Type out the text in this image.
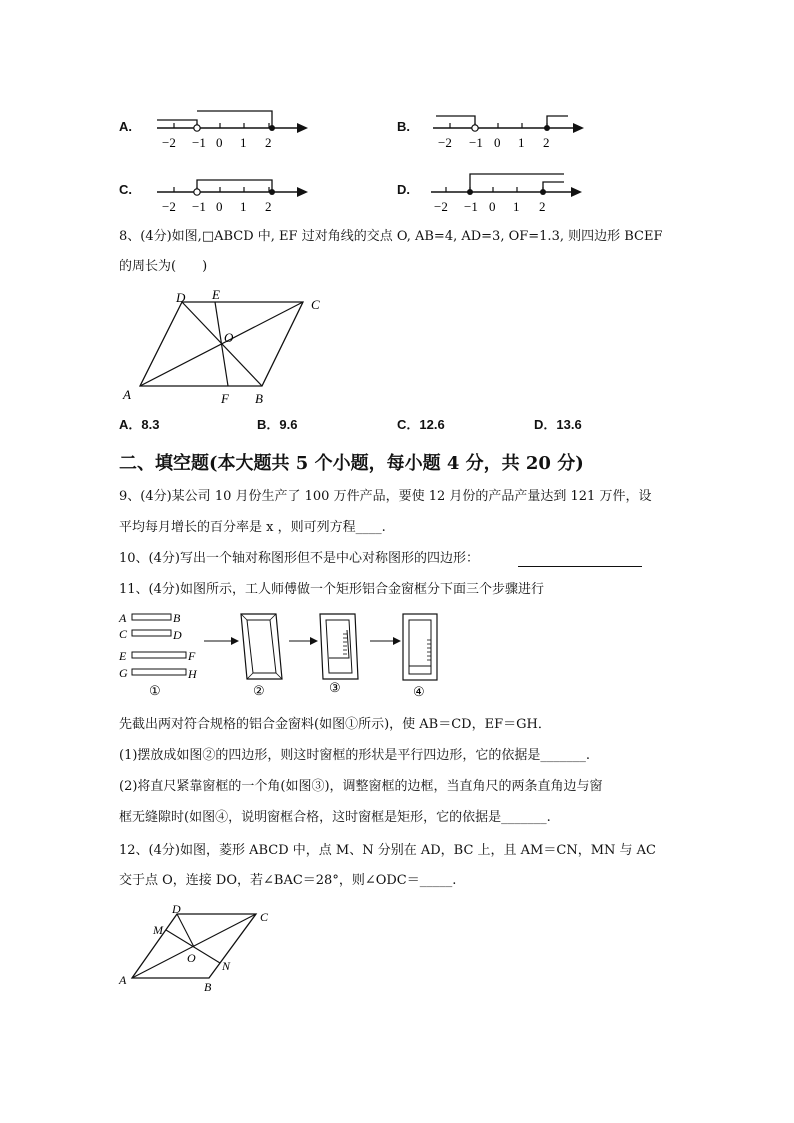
A.
−2 −1 0 1 2
B.
−2 −1 0 1 2
C.
−2 −1 0 1 2
D.
−2 −1 0 1 2
8、(4分)如图,□ABCD 中, EF 过对角线的交点 O, AB=4, AD=3, OF=1.3, 则四边形 BCEF
的周长为(　　)
A	B
C
D E
F
O
A．8.3	B．9.6	C．12.6	D．13.6
二、填空题(本大题共 5 个小题，每小题 4 分，共 20 分)
9、(4分)某公司 10 月份生产了 100 万件产品，要使 12 月份的产品产量达到 121 万件，设
平均每月增长的百分率是 x ，则可列方程____.
10、(4分)写出一个轴对称图形但不是中心对称图形的四边形：
11、(4分)如图所示，工人师傅做一个矩形铝合金窗框分下面三个步骤进行
A	B
C	D
E	F
G	H
①	②	③	④
先截出两对符合规格的铝合金窗料(如图①所示)，使 AB＝CD，EF＝GH．
(1)摆放成如图②的四边形，则这时窗框的形状是平行四边形，它的依据是_______.
(2)将直尺紧靠窗框的一个角(如图③)，调整窗框的边框，当直角尺的两条直角边与窗
框无缝隙时(如图④，说明窗框合格，这时窗框是矩形，它的依据是_______.
12、(4分)如图，菱形 ABCD 中，点 M、N 分别在 AD，BC 上，且 AM＝CN，MN 与 AC
交于点 O，连接 DO，若∠BAC＝28°，则∠ODC＝_____.
A	B
C
D
M
N
O
